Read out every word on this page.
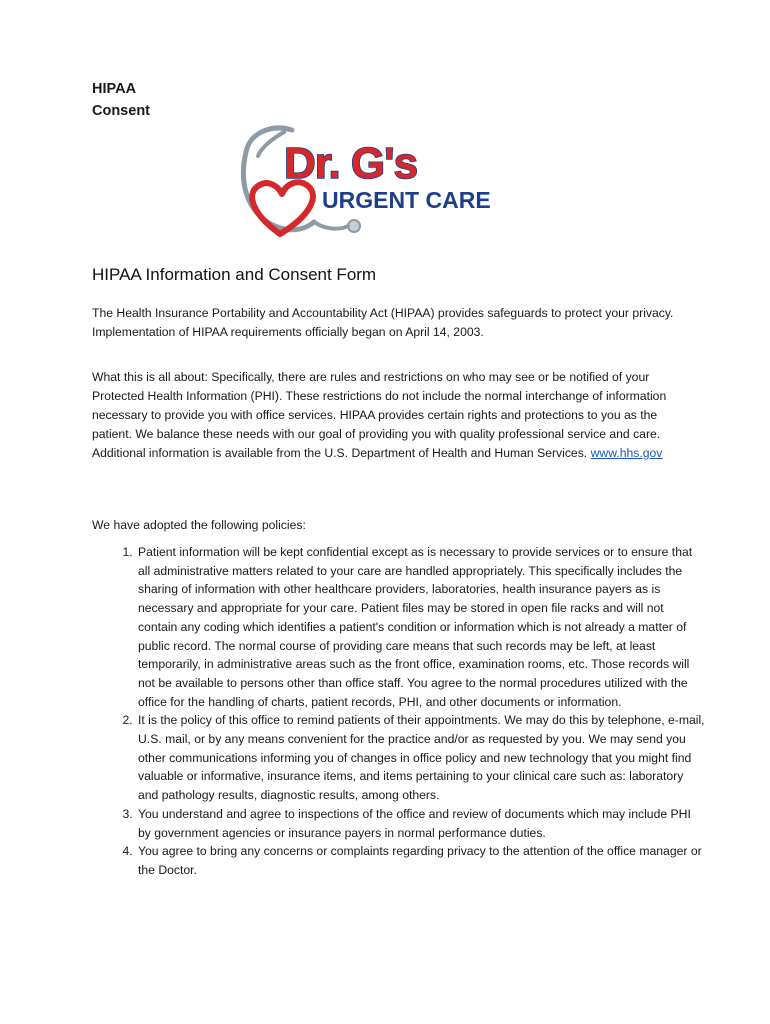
HIPAA
Consent
Dr. G's
URGENT CARE
HIPAA Information and Consent Form
The Health Insurance Portability and Accountability Act (HIPAA) provides safeguards to protect your privacy. Implementation of HIPAA requirements officially began on April 14, 2003.
What this is all about: Specifically, there are rules and restrictions on who may see or be notified of your Protected Health Information (PHI). These restrictions do not include the normal interchange of information necessary to provide you with office services. HIPAA provides certain rights and protections to you as the patient. We balance these needs with our goal of providing you with quality professional service and care. Additional information is available from the U.S. Department of Health and Human Services. www.hhs.gov
We have adopted the following policies:
1. Patient information will be kept confidential except as is necessary to provide services or to ensure that all administrative matters related to your care are handled appropriately. This specifically includes the sharing of information with other healthcare providers, laboratories, health insurance payers as is necessary and appropriate for your care. Patient files may be stored in open file racks and will not contain any coding which identifies a patient's condition or information which is not already a matter of public record. The normal course of providing care means that such records may be left, at least temporarily, in administrative areas such as the front office, examination rooms, etc. Those records will not be available to persons other than office staff. You agree to the normal procedures utilized with the office for the handling of charts, patient records, PHI, and other documents or information.
2. It is the policy of this office to remind patients of their appointments. We may do this by telephone, e-mail, U.S. mail, or by any means convenient for the practice and/or as requested by you. We may send you other communications informing you of changes in office policy and new technology that you might find valuable or informative, insurance items, and items pertaining to your clinical care such as: laboratory and pathology results, diagnostic results, among others.
3. You understand and agree to inspections of the office and review of documents which may include PHI by government agencies or insurance payers in normal performance duties.
4. You agree to bring any concerns or complaints regarding privacy to the attention of the office manager or the Doctor.
